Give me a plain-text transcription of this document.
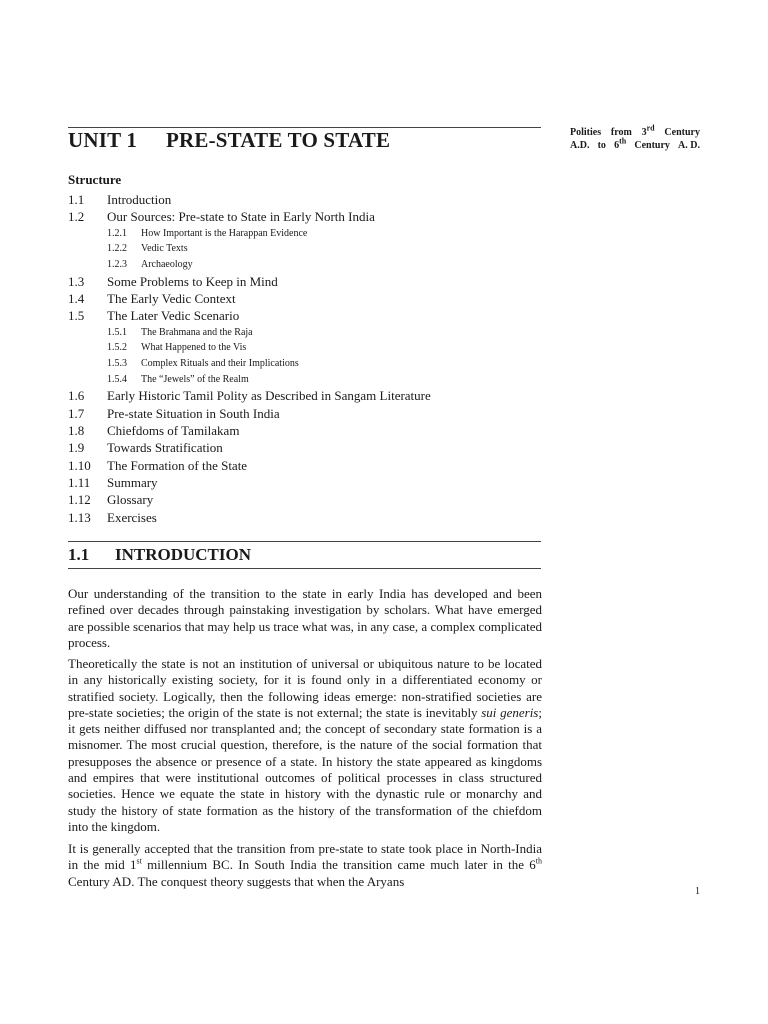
Polities from 3rd Century
A.D. to 6th Century A. D.
UNIT 1 PRE-STATE TO STATE
Structure
1.1	Introduction
1.2	Our Sources: Pre-state to State in Early North India
1.2.1	How Important is the Harappan Evidence
1.2.2	Vedic Texts
1.2.3	Archaeology
1.3	Some Problems to Keep in Mind
1.4	The Early Vedic Context
1.5	The Later Vedic Scenario
1.5.1	The Brahmana and the Raja
1.5.2	What Happened to the Vis
1.5.3	Complex Rituals and their Implications
1.5.4	The “Jewels” of the Realm
1.6	Early Historic Tamil Polity as Described in Sangam Literature
1.7	Pre-state Situation in South India
1.8	Chiefdoms of Tamilakam
1.9	Towards Stratification
1.10	The Formation of the State
1.11	Summary
1.12	Glossary
1.13	Exercises
1.1 INTRODUCTION

Our understanding of the transition to the state in early India has developed and been refined over decades through painstaking investigation by scholars. What have emerged are possible scenarios that may help us trace what was, in any case, a complex complicated process.

Theoretically the state is not an institution of universal or ubiquitous nature to be located in any historically existing society, for it is found only in a differentiated economy or stratified society. Logically, then the following ideas emerge: non-stratified societies are pre-state societies; the origin of the state is not external; the state is inevitably sui generis; it gets neither diffused nor transplanted and; the concept of secondary state formation is a misnomer. The most crucial question, therefore, is the nature of the social formation that presupposes the absence or presence of a state. In history the state appeared as kingdoms and empires that were institutional outcomes of political processes in class structured societies. Hence we equate the state in history with the dynastic rule or monarchy and study the history of state formation as the history of the transformation of the chiefdom into the kingdom.

It is generally accepted that the transition from pre-state to state took place in North-India in the mid 1st millennium BC. In South India the transition came much later in the 6th Century AD. The conquest theory suggests that when the Aryans

1
